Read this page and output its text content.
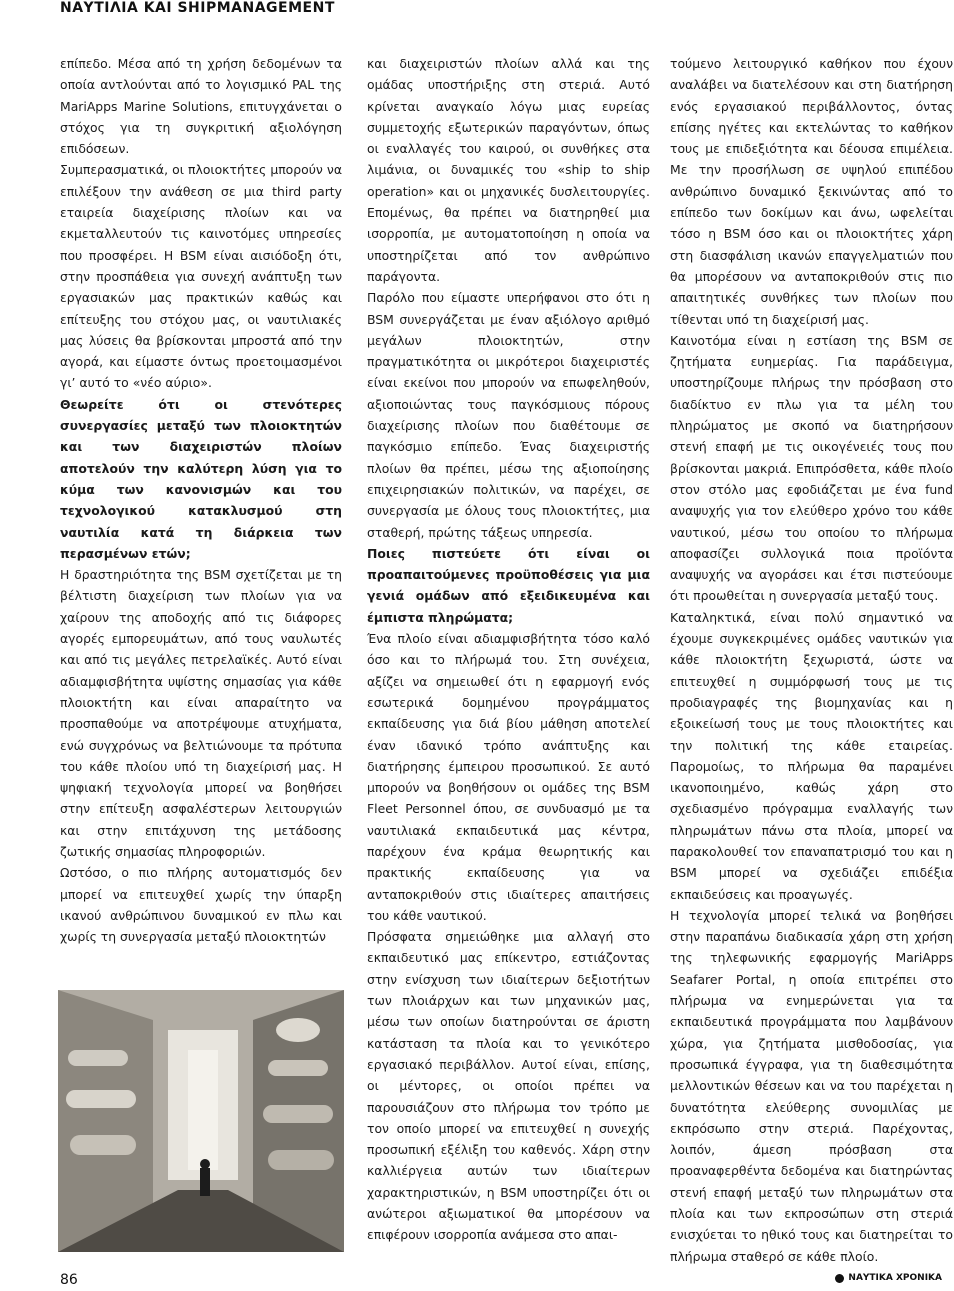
ΝΑΥΤΙΛΙΑ ΚΑΙ SHIPMANAGEMENT

επίπεδο. Μέσα από τη χρήση δεδομένων τα οποία αντλούνται από το λογισμικό PAL της MariApps Marine Solutions, επιτυγχάνεται ο στόχος για τη συγκριτική αξιολόγηση επιδόσεων.

Συμπερασματικά, οι πλοιοκτήτες μπορούν να επιλέξουν την ανάθεση σε μια third party εταιρεία διαχείρισης πλοίων και να εκμεταλλευτούν τις καινοτόμες υπηρεσίες που προσφέρει. Η BSM είναι αισιόδοξη ότι, στην προσπάθεια για συνεχή ανάπτυξη των εργασιακών μας πρακτικών καθώς και επίτευξης του στόχου μας, οι ναυτιλιακές μας λύσεις θα βρίσκονται μπροστά από την αγορά, και είμαστε όντως προετοιμασμένοι γι’ αυτό το «νέο αύριο».

Θεωρείτε ότι οι στενότερες συνεργασίες μεταξύ των πλοιοκτητών και των διαχειριστών πλοίων αποτελούν την καλύτερη λύση για το κύμα των κανονισμών και του τεχνολογικού κατακλυσμού στη ναυτιλία κατά τη διάρκεια των περασμένων ετών;

Η δραστηριότητα της BSM σχετίζεται με τη βέλτιστη διαχείριση των πλοίων για να χαίρουν της αποδοχής από τις διάφορες αγορές εμπορευμάτων, από τους ναυλωτές και από τις μεγάλες πετρελαϊκές. Αυτό είναι αδιαμφισβήτητα υψίστης σημασίας για κάθε πλοιοκτήτη και είναι απαραίτητο να προσπαθούμε να αποτρέψουμε ατυχήματα, ενώ συγχρόνως να βελτιώνουμε τα πρότυπα του κάθε πλοίου υπό τη διαχείρισή μας. Η ψηφιακή τεχνολογία μπορεί να βοηθήσει στην επίτευξη ασφαλέστερων λειτουργιών και στην επιτάχυνση της μετάδοσης ζωτικής σημασίας πληροφοριών.

Ωστόσο, ο πιο πλήρης αυτοματισμός δεν μπορεί να επιτευχθεί χωρίς την ύπαρξη ικανού ανθρώπινου δυναμικού εν πλω και χωρίς τη συνεργασία μεταξύ πλοιοκτητών

και διαχειριστών πλοίων αλλά και της ομάδας υποστήριξης στη στεριά. Αυτό κρίνεται αναγκαίο λόγω μιας ευρείας συμμετοχής εξωτερικών παραγόντων, όπως οι εναλλαγές του καιρού, οι συνθήκες στα λιμάνια, οι δυναμικές του «ship to ship operation» και οι μηχανικές δυσλειτουργίες. Επομένως, θα πρέπει να διατηρηθεί μια ισορροπία, με αυτοματοποίηση η οποία να υποστηρίζεται από τον ανθρώπινο παράγοντα.

Παρόλο που είμαστε υπερήφανοι στο ότι η BSM συνεργάζεται με έναν αξιόλογο αριθμό μεγάλων πλοιοκτητών, στην πραγματικότητα οι μικρότεροι διαχειριστές είναι εκείνοι που μπορούν να επωφεληθούν, αξιοποιώντας τους παγκόσμιους πόρους διαχείρισης πλοίων που διαθέτουμε σε παγκόσμιο επίπεδο. Ένας διαχειριστής πλοίων θα πρέπει, μέσω της αξιοποίησης επιχειρησιακών πολιτικών, να παρέχει, σε συνεργασία με όλους τους πλοιοκτήτες, μια σταθερή, πρώτης τάξεως υπηρεσία.

Ποιες πιστεύετε ότι είναι οι προαπαιτούμενες προϋποθέσεις για μια γενιά ομάδων από εξειδικευμένα και έμπιστα πληρώματα;

Ένα πλοίο είναι αδιαμφισβήτητα τόσο καλό όσο και το πλήρωμά του. Στη συνέχεια, αξίζει να σημειωθεί ότι η εφαρμογή ενός εσωτερικά δομημένου προγράμματος εκπαίδευσης για διά βίου μάθηση αποτελεί έναν ιδανικό τρόπο ανάπτυξης και διατήρησης έμπειρου προσωπικού. Σε αυτό μπορούν να βοηθήσουν οι ομάδες της BSM Fleet Personnel όπου, σε συνδυασμό με τα ναυτιλιακά εκπαιδευτικά μας κέντρα, παρέχουν ένα κράμα θεωρητικής και πρακτικής εκπαίδευσης για να ανταποκριθούν στις ιδιαίτερες απαιτήσεις του κάθε ναυτικού.

Πρόσφατα σημειώθηκε μια αλλαγή στο εκπαιδευτικό μας επίκεντρο, εστιάζοντας στην ενίσχυση των ιδιαίτερων δεξιοτήτων των πλοιάρχων και των μηχανικών μας, μέσω των οποίων διατηρούνται σε άριστη κατάσταση τα πλοία και το γενικότερο εργασιακό περιβάλλον. Αυτοί είναι, επίσης, οι μέντορες, οι οποίοι πρέπει να παρουσιάζουν στο πλήρωμα τον τρόπο με τον οποίο μπορεί να επιτευχθεί η συνεχής προσωπική εξέλιξη του καθενός. Χάρη στην καλλιέργεια αυτών των ιδιαίτερων χαρακτηριστικών, η BSM υποστηρίζει ότι οι ανώτεροι αξιωματικοί θα μπορέσουν να επιφέρουν ισορροπία ανάμεσα στο απαι-

τούμενο λειτουργικό καθήκον που έχουν αναλάβει να διατελέσουν και στη διατήρηση ενός εργασιακού περιβάλλοντος, όντας επίσης ηγέτες και εκτελώντας το καθήκον τους με επιδεξιότητα και δέουσα επιμέλεια. Με την προσήλωση σε υψηλού επιπέδου ανθρώπινο δυναμικό ξεκινώντας από το επίπεδο των δοκίμων και άνω, ωφελείται τόσο η BSM όσο και οι πλοιοκτήτες χάρη στη διασφάλιση ικανών επαγγελματιών που θα μπορέσουν να ανταποκριθούν στις πιο απαιτητικές συνθήκες των πλοίων που τίθενται υπό τη διαχείρισή μας.

Καινοτόμα είναι η εστίαση της BSM σε ζητήματα ευημερίας. Για παράδειγμα, υποστηρίζουμε πλήρως την πρόσβαση στο διαδίκτυο εν πλω για τα μέλη του πληρώματος με σκοπό να διατηρήσουν στενή επαφή με τις οικογένειές τους που βρίσκονται μακριά. Επιπρόσθετα, κάθε πλοίο στον στόλο μας εφοδιάζεται με ένα fund αναψυχής για τον ελεύθερο χρόνο του κάθε ναυτικού, μέσω του οποίου το πλήρωμα αποφασίζει συλλογικά ποια προϊόντα αναψυχής να αγοράσει και έτσι πιστεύουμε ότι προωθείται η συνεργασία μεταξύ τους.

Καταληκτικά, είναι πολύ σημαντικό να έχουμε συγκεκριμένες ομάδες ναυτικών για κάθε πλοιοκτήτη ξεχωριστά, ώστε να επιτευχθεί η συμμόρφωσή τους με τις προδιαγραφές της βιομηχανίας και η εξοικείωσή τους με τους πλοιοκτήτες και την πολιτική της κάθε εταιρείας. Παρομοίως, το πλήρωμα θα παραμένει ικανοποιημένο, καθώς χάρη στο σχεδιασμένο πρόγραμμα εναλλαγής των πληρωμάτων πάνω στα πλοία, μπορεί να παρακολουθεί τον επαναπατρισμό του και η BSM μπορεί να σχεδιάζει επιδέξια εκπαιδεύσεις και προαγωγές.

Η τεχνολογία μπορεί τελικά να βοηθήσει στην παραπάνω διαδικασία χάρη στη χρήση της τηλεφωνικής εφαρμογής MariApps Seafarer Portal, η οποία επιτρέπει στο πλήρωμα να ενημερώνεται για τα εκπαιδευτικά προγράμματα που λαμβάνουν χώρα, για ζητήματα μισθοδοσίας, για προσωπικά έγγραφα, για τη διαθεσιμότητα μελλοντικών θέσεων και να του παρέχεται η δυνατότητα ελεύθερης συνομιλίας με εκπρόσωπο στην στεριά. Παρέχοντας, λοιπόν, άμεση πρόσβαση στα προαναφερθέντα δεδομένα και διατηρώντας στενή επαφή μεταξύ των πληρωμάτων στα πλοία και των εκπροσώπων στη στεριά ενισχύεται το ηθικό τους και διατηρείται το πλήρωμα σταθερό σε κάθε πλοίο.

86	ΝΑΥΤΙΚΑ ΧΡΟΝΙΚΑ
